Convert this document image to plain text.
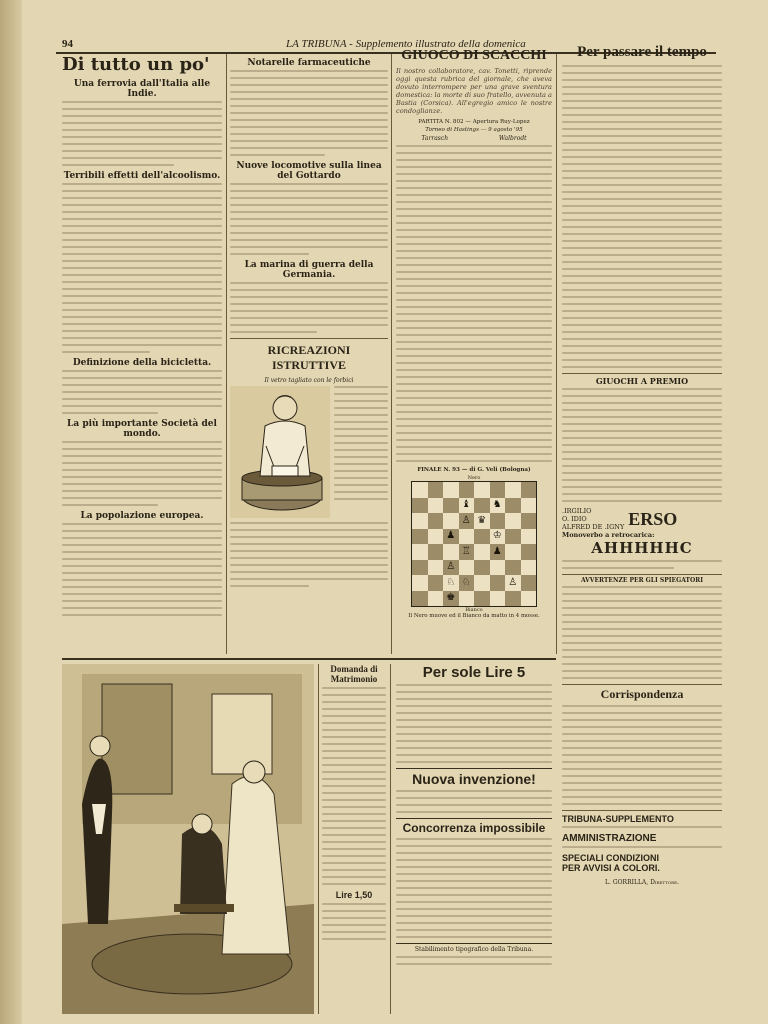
94	LA TRIBUNA - Supplemento illustrato della domenica
Di tutto un po'
Una ferrovia dall'Italia alle Indie.
Terribili effetti dell'alcoolismo.
Definizione della bicicletta.
La più importante Società del mondo.
La popolazione europea.
Notarelle farmaceutiche
Nuove locomotive sulla linea del Gottardo
La marina di guerra della Germania.
RICREAZIONI ISTRUTTIVE
Il vetro tagliato con le forbici
GIUOCO DI SCACCHI
Il nostro collaboratore, cav. Tonetti, riprende oggi questa rubrica del giornale, che aveva dovuto interrompere per una grave sventura domestica: la morte di suo fratello, avvenuta a Bastia (Corsica). All'egregio amico le nostre condoglianze.
PARTITA N. 802 — Apertura Ruy-Lopez
Torneo di Hastings — 9 agosto '95
Tarrasch	Walbrodt
FINALE N. 93 — di G. Veli (Bologna)
Nero
♝	♞
♙ ♛
♟	♔
♖	♟
♙
♘ ♘	♙
♚
Bianco
Il Nero muove ed il Bianco da matto in 4 mosse.
Per passare il tempo
GIUOCHI A PREMIO
.IRGILIO
O. IDIO
ALFRED DE .IGNY ERSO
Monoverbo a retrocarica:
AHHHHHC
AVVERTENZE PER GLI SPIEGATORI
Corrispondenza
TRIBUNA-SUPPLEMENTO
AMMINISTRAZIONE
SPECIALI CONDIZIONI
PER AVVISI A COLORI.
L. GORRILLA, Direttore.
Domanda di Matrimonio
Lire 1,50
Per sole Lire 5
Nuova invenzione!
Concorrenza impossibile
Stabilimento tipografico della Tribuna.
